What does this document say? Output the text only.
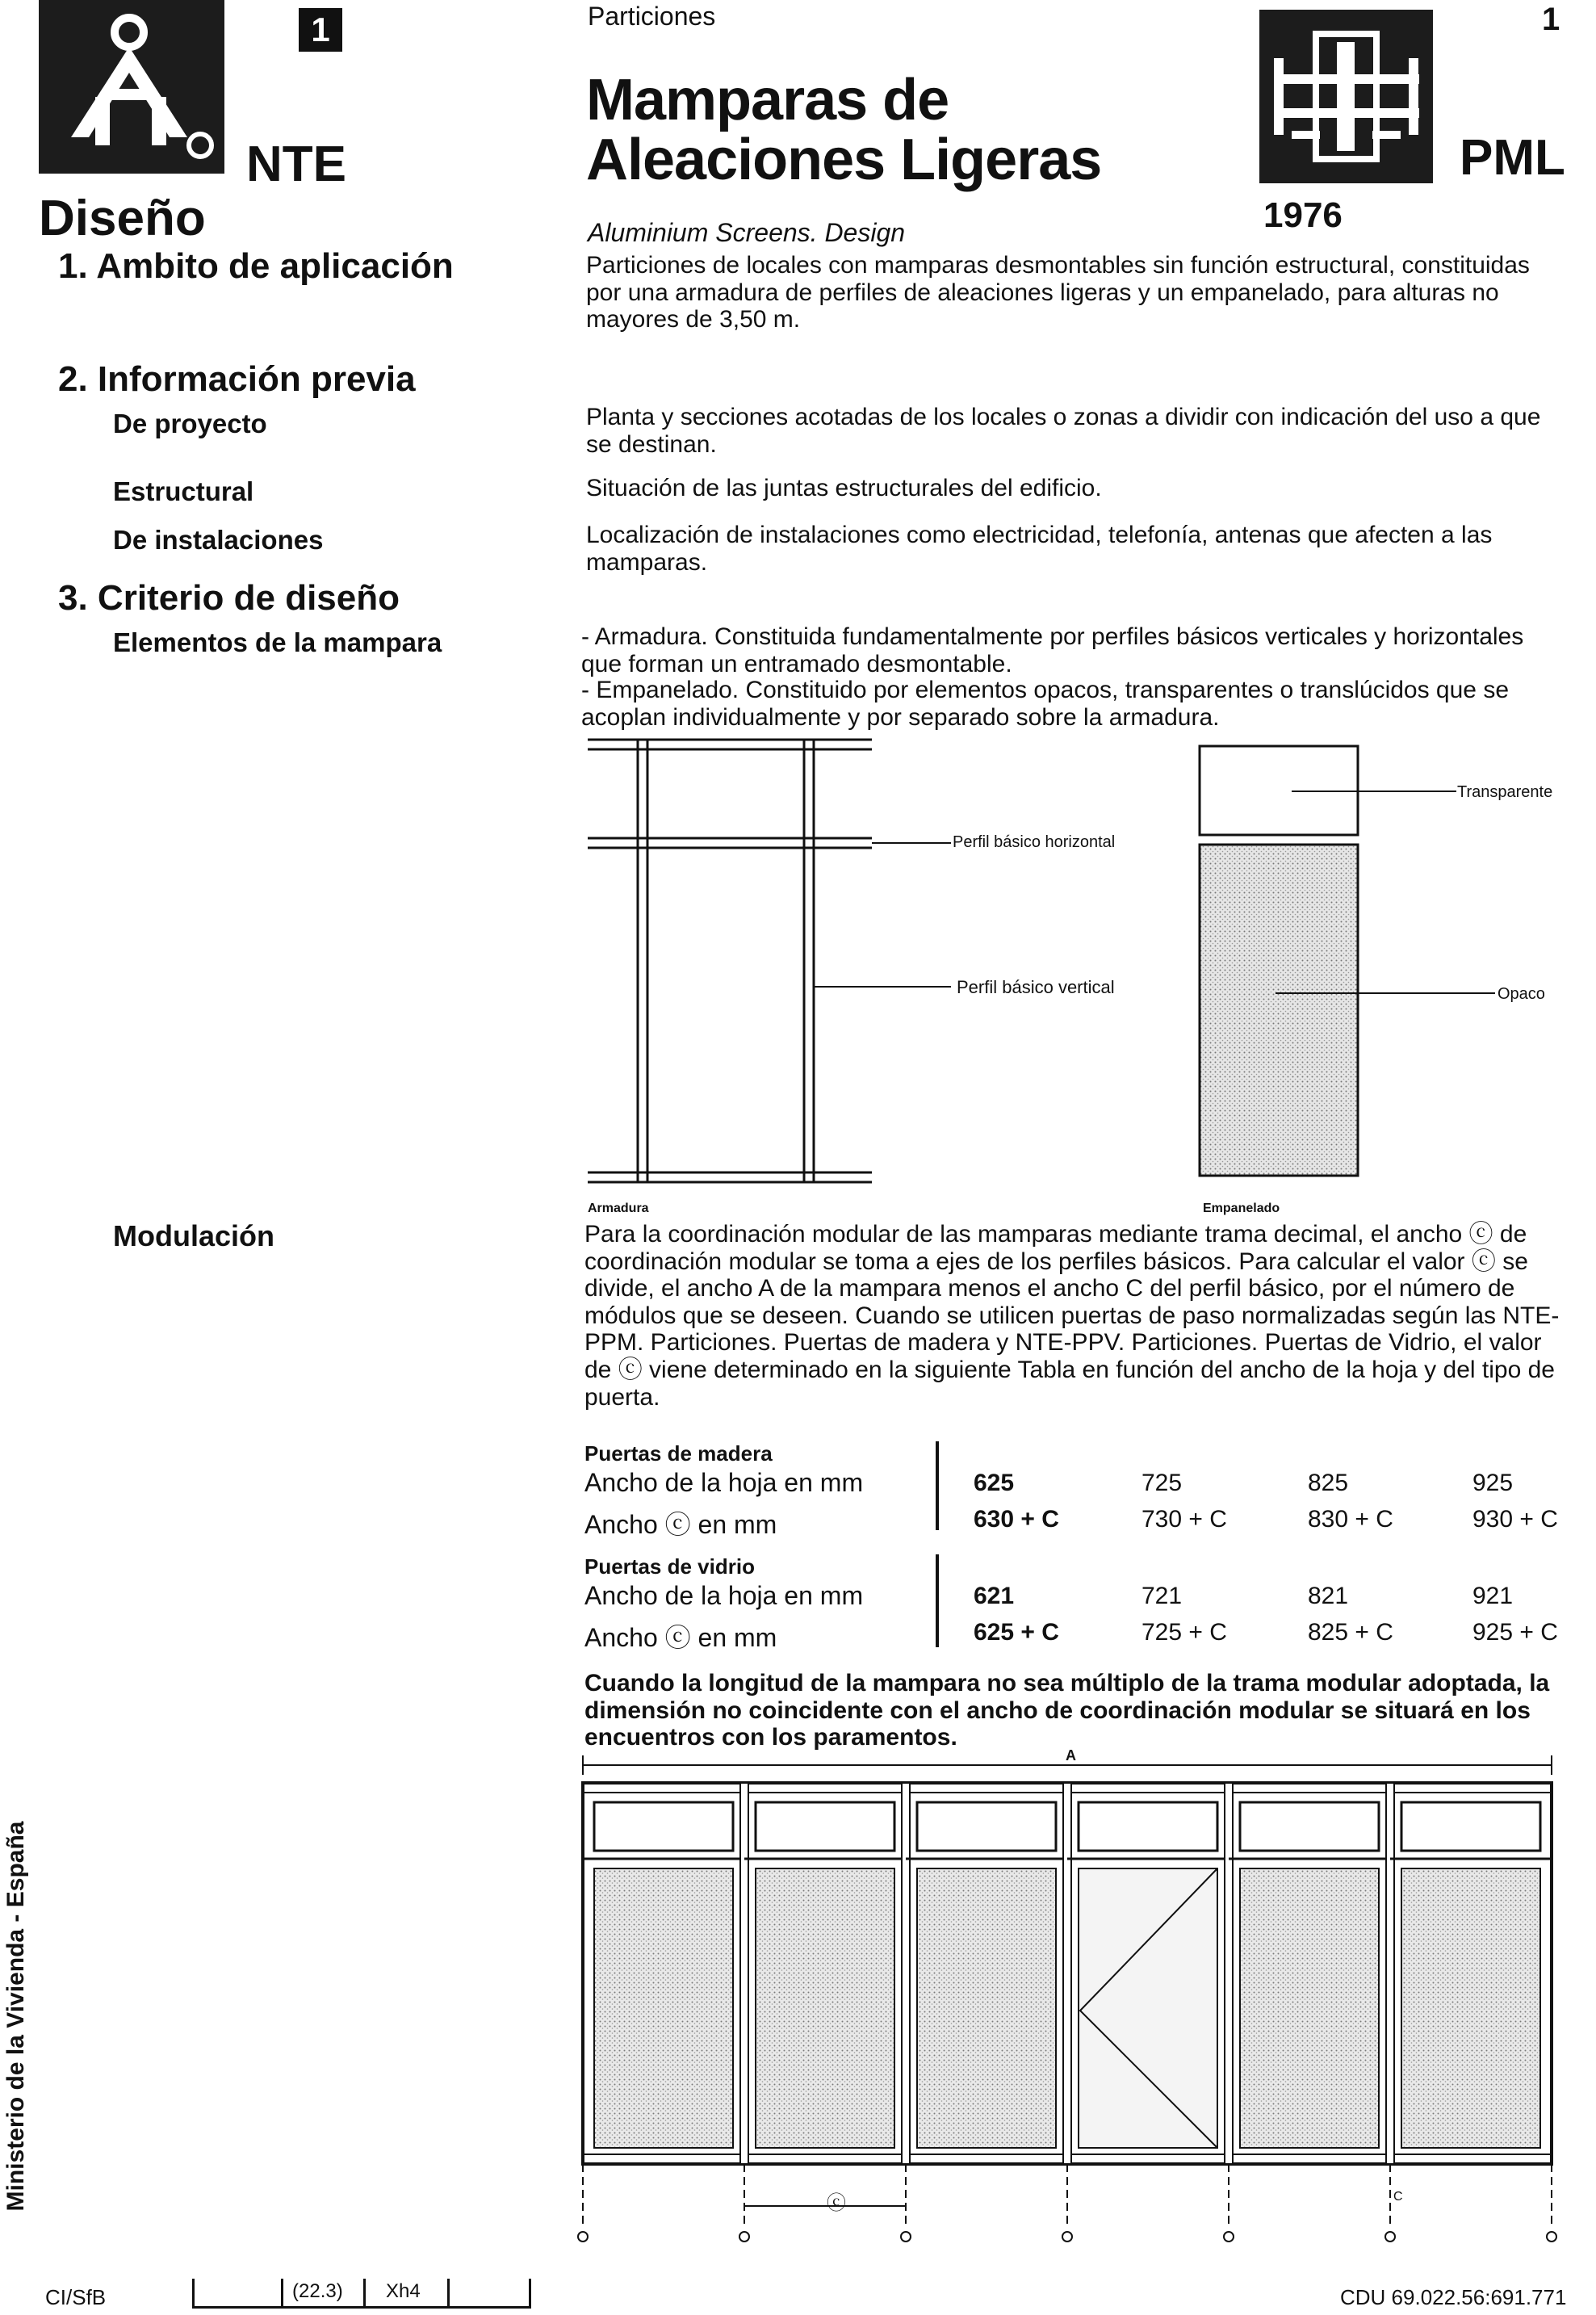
1
NTE
Diseño
Particiones
Mamparas de
Aleaciones Ligeras
Aluminium Screens. Design
1
PML
1976
1. Ambito de aplicación
2. Información previa
De proyecto
Estructural
De instalaciones
3. Criterio de diseño
Elementos de la mampara
Modulación
Particiones de locales con mamparas desmontables sin función estructural, constituidas por una armadura de perfiles de aleaciones ligeras y un empanelado, para alturas no mayores de 3,50 m.
Planta y secciones acotadas de los locales o zonas a dividir con indicación del uso a que se destinan.
Situación de las juntas estructurales del edificio.
Localización de instalaciones como electricidad, telefonía, antenas que afecten a las mamparas.
- Armadura. Constituida fundamentalmente por perfiles básicos verticales y horizontales que forman un entramado desmontable.
- Empanelado. Constituido por elementos opacos, transparentes o translúcidos que se acoplan individualmente y por separado sobre la armadura.
Perfil básico horizontal
Perfil básico vertical
Transparente
Opaco
Armadura	Empanelado
Para la coordinación modular de las mamparas mediante trama decimal, el ancho ⓒ de coordinación modular se toma a ejes de los perfiles básicos. Para calcular el valor ⓒ se divide, el ancho A de la mampara menos el ancho C del perfil básico, por el número de módulos que se deseen. Cuando se utilicen puertas de paso normalizadas según las NTE-PPM. Particiones. Puertas de madera y NTE-PPV. Particiones. Puertas de Vidrio, el valor de ⓒ viene determinado en la siguiente Tabla en función del ancho de la hoja y del tipo de puerta.
Puertas de madera
Ancho de la hoja en mm	625	725	825	925
Ancho ⓒ en mm	630 + C	730 + C	830 + C	930 + C
Puertas de vidrio
Ancho de la hoja en mm	621	721	821	921
Ancho ⓒ en mm	625 + C	725 + C	825 + C	925 + C
Cuando la longitud de la mampara no sea múltiplo de la trama modular adoptada, la dimensión no coincidente con el ancho de coordinación modular se situará en los encuentros con los paramentos.
A
ⓒ	C
Ministerio de la Vivienda - España
CI/SfB	(22.3) Xh4	CDU 69.022.56:691.771
